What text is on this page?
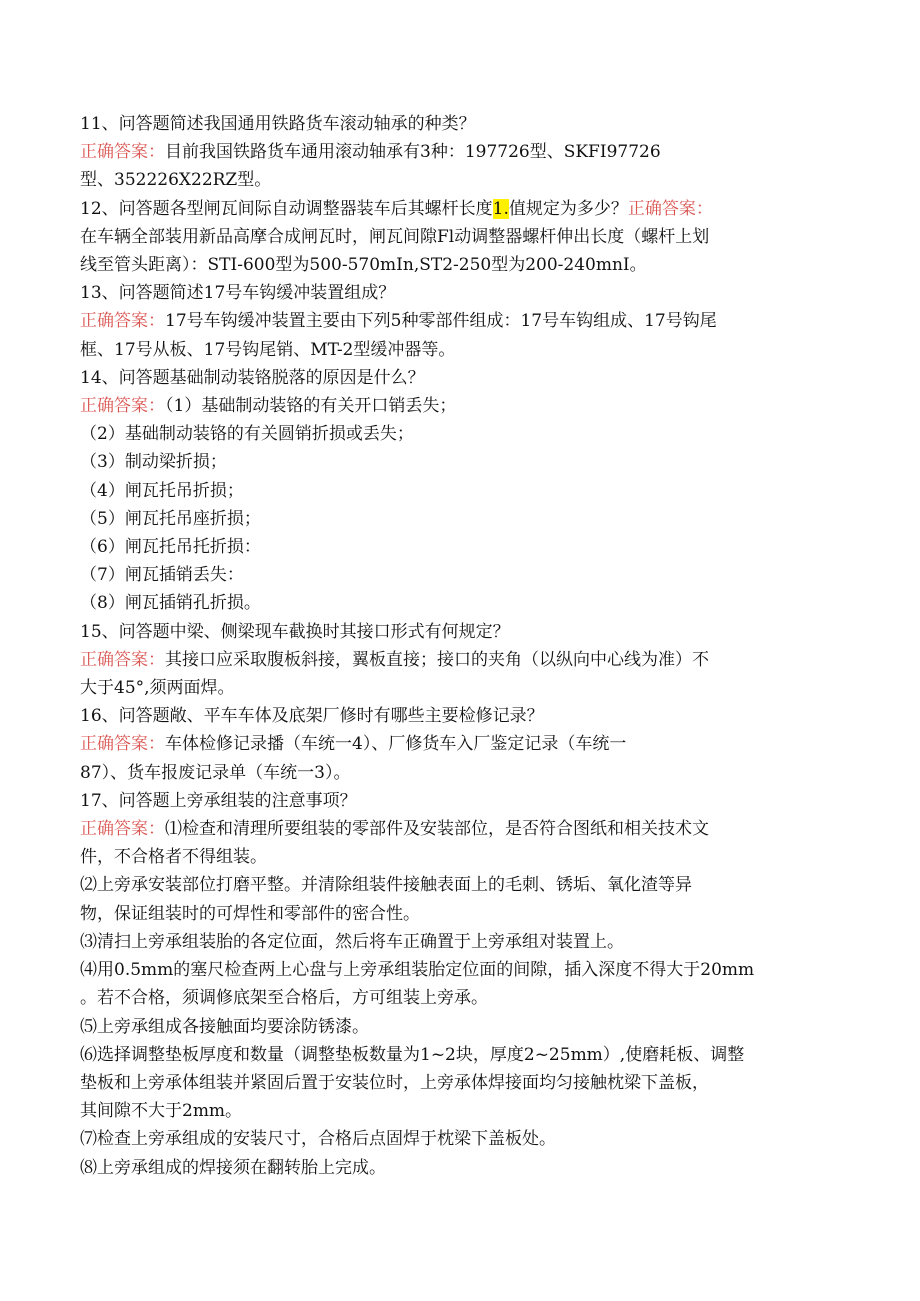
11、问答题简述我国通用铁路货车滚动轴承的种类？
正确答案：目前我国铁路货车通用滚动轴承有3种：197726型、SKFI97726
型、352226X22RZ型。
12、问答题各型闸瓦间际自动调整器装车后其螺杆长度1.值规定为多少？正确答案：
在车辆全部装用新品高摩合成闸瓦时，闸瓦间隙Fl动调整器螺杆伸出长度（螺杆上划
线至管头距离）：STI-600型为500-570mIn,ST2-250型为200-240mnI。
13、问答题简述17号车钩缓冲装置组成？
正确答案：17号车钩缓冲装置主要由下列5种零部件组成：17号车钩组成、17号钩尾
框、17号从板、17号钩尾销、MT-2型缓冲器等。
14、问答题基础制动装铬脱落的原因是什么？
正确答案：（1）基础制动装铬的有关开口销丢失；
（2）基础制动装铬的有关圆销折损或丢失；
（3）制动梁折损；
（4）闸瓦托吊折损；
（5）闸瓦托吊座折损；
（6）闸瓦托吊托折损：
（7）闸瓦插销丢失：
（8）闸瓦插销孔折损。
15、问答题中梁、侧梁现车截换时其接口形式有何规定？
正确答案：其接口应采取腹板斜接，翼板直接；接口的夹角（以纵向中心线为准）不
大于45°,须两面焊。
16、问答题敞、平车车体及底架厂修时有哪些主要检修记录？
正确答案：车体检修记录播（车统一4）、厂修货车入厂鉴定记录（车统一
87）、货车报废记录单（车统一3）。
17、问答题上旁承组装的注意事项？
正确答案：⑴检查和清理所要组装的零部件及安装部位，是否符合图纸和相关技术文
件，不合格者不得组装。
⑵上旁承安装部位打磨平整。并清除组装件接触表面上的毛刺、锈垢、氧化渣等异
物，保证组装时的可焊性和零部件的密合性。
⑶清扫上旁承组装胎的各定位面，然后将车正确置于上旁承组对装置上。
⑷用0.5mm的塞尺检查两上心盘与上旁承组装胎定位面的间隙，插入深度不得大于20mm
。若不合格，须调修底架至合格后，方可组装上旁承。
⑸上旁承组成各接触面均要涂防锈漆。
⑹选择调整垫板厚度和数量（调整垫板数量为1~2块，厚度2~25mm）,使磨耗板、调整
垫板和上旁承体组装并紧固后置于安装位时，上旁承体焊接面均匀接触枕梁下盖板，
其间隙不大于2mm。
⑺检查上旁承组成的安装尺寸，合格后点固焊于枕梁下盖板处。
⑻上旁承组成的焊接须在翻转胎上完成。
